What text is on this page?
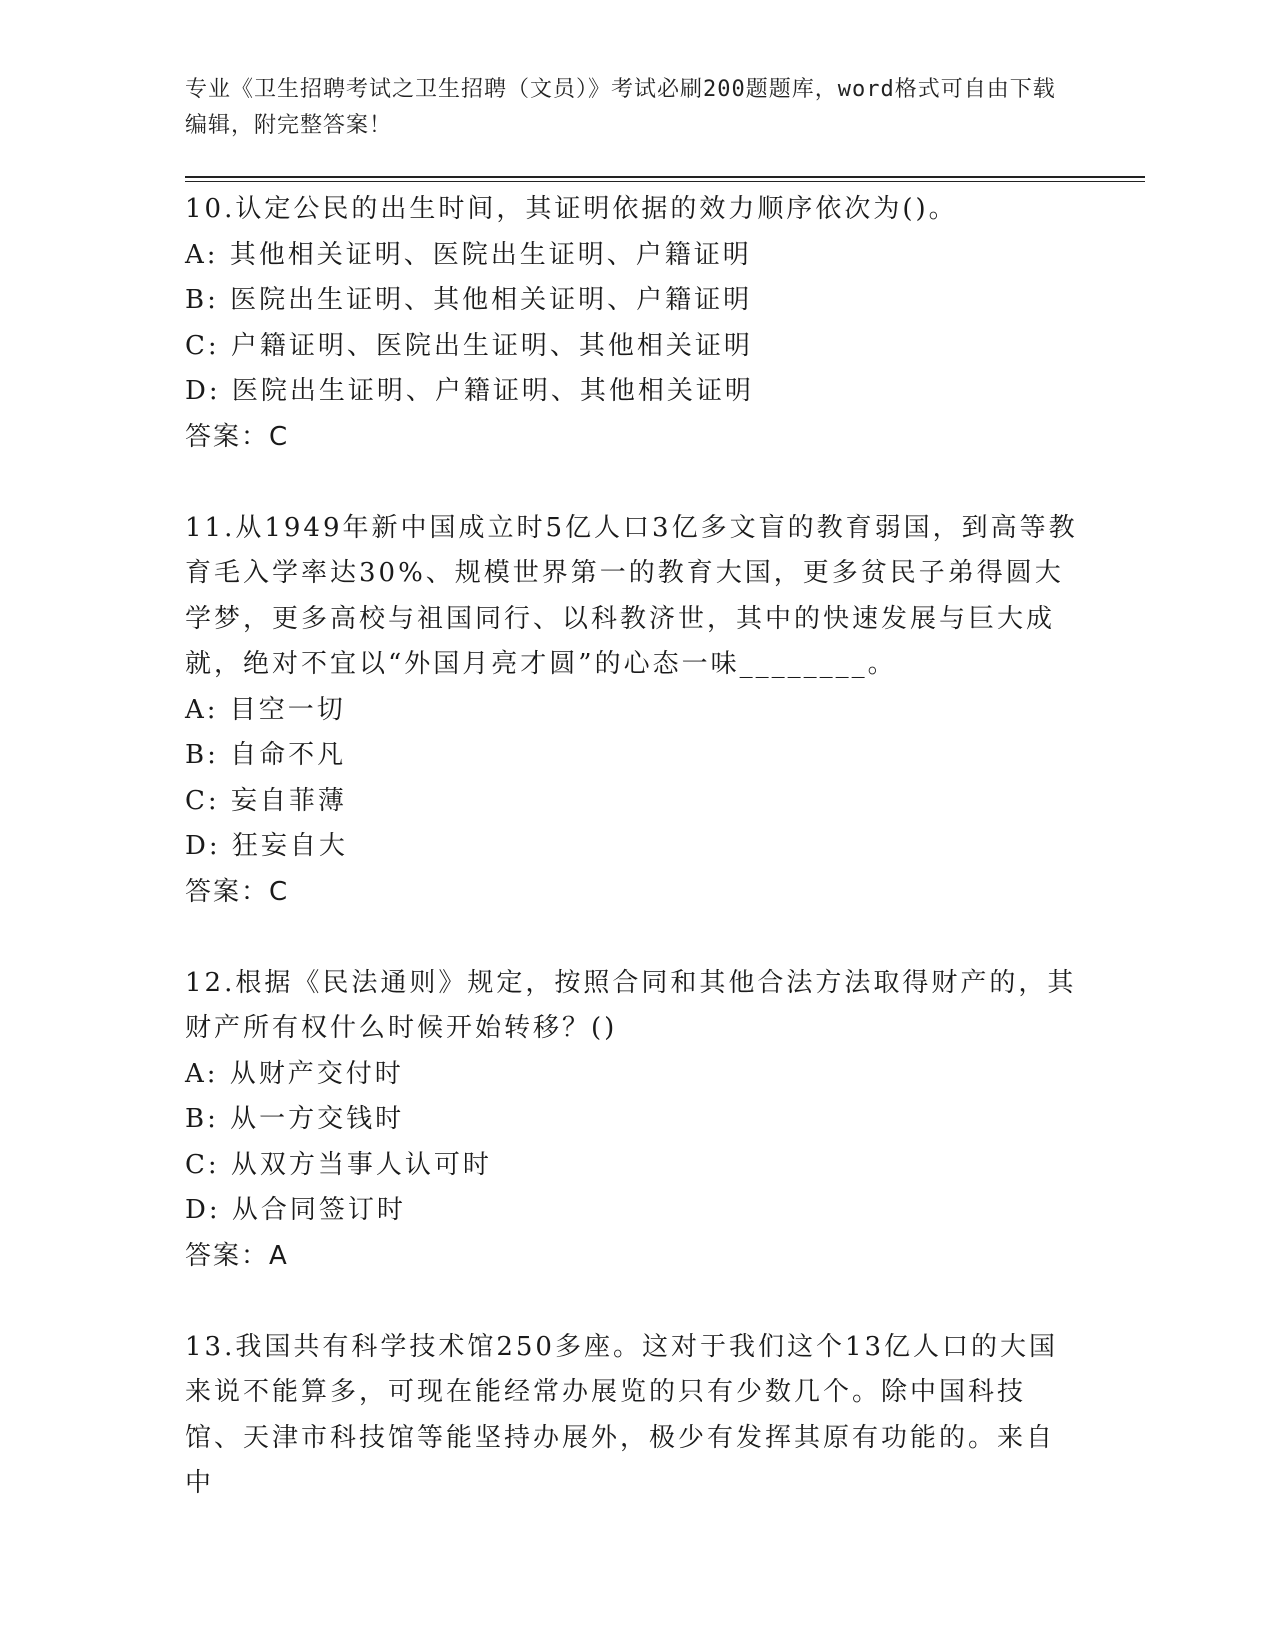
专业《卫生招聘考试之卫生招聘（文员）》考试必刷200题题库，word格式可自由下载编辑，附完整答案！

10.认定公民的出生时间，其证明依据的效力顺序依次为()。

A: 其他相关证明、医院出生证明、户籍证明

B: 医院出生证明、其他相关证明、户籍证明

C: 户籍证明、医院出生证明、其他相关证明

D: 医院出生证明、户籍证明、其他相关证明

答案：C

11.从1949年新中国成立时5亿人口3亿多文盲的教育弱国，到高等教育毛入学率达30%、规模世界第一的教育大国，更多贫民子弟得圆大学梦，更多高校与祖国同行、以科教济世，其中的快速发展与巨大成就，绝对不宜以“外国月亮才圆”的心态一味________。

A: 目空一切

B: 自命不凡

C: 妄自菲薄

D: 狂妄自大

答案：C

12.根据《民法通则》规定，按照合同和其他合法方法取得财产的，其财产所有权什么时候开始转移？()

A: 从财产交付时

B: 从一方交钱时

C: 从双方当事人认可时

D: 从合同签订时

答案：A

13.我国共有科学技术馆250多座。这对于我们这个13亿人口的大国来说不能算多，可现在能经常办展览的只有少数几个。除中国科技馆、天津市科技馆等能坚持办展外，极少有发挥其原有功能的。来自中
